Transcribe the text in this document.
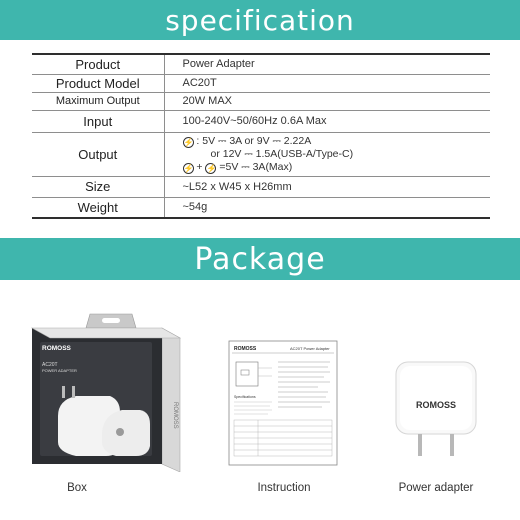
specification
Product	Power Adapter
Product Model	AC20T
Maximum Output	20W MAX
Input	100-240V~50/60Hz 0.6A Max
Output	⚡ : 5V ⎓ 3A or 9V ⎓ 2.22A
or 12V ⎓ 1.5A(USB-A/Type-C)
⚡ + ⚡ =5V ⎓ 3A(Max)

Size	~L52 x W45 x H26mm
Weight	~54g
Package
ROMOSS
AC20T
POWER ADAPTER
ROMOSS
ROMOSS	AC20T Power Adapter
Specifications
ROMOSS
Box	Instruction	Power adapter
